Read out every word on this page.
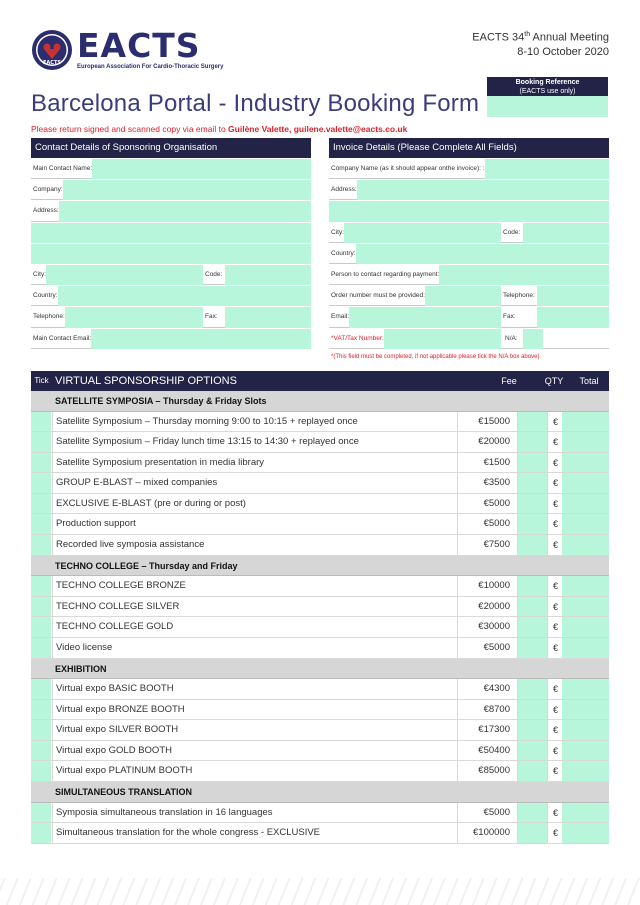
EACTS EACTS
European Association For Cardio-Thoracic Surgery
EACTS 34th Annual Meeting
8-10 October 2020
Booking Reference
(EACTS use only)
Barcelona Portal - Industry Booking Form
Please return signed and scanned copy via email to Guilène Valette, guilene.valette@eacts.co.uk
Contact Details of Sponsoring Organisation
Main Contact Name:
Company:
Address:
City:	Code:
Country:
Telephone:	Fax:
Main Contact Email:
Invoice Details (Please Complete All Fields)
Company Name (as it should appear onthe invoice): :
Address:
City:	Code:
Country:
Person to contact regarding payment:
Order number must be provided:	Telephone:
Email:	Fax:
*VAT/Tax Number:	N/A:
*(This field must be completed, if not applicable please tick the N/A box above)
Tick VIRTUAL SPONSORSHIP OPTIONS	Fee	QTY	Total
SATELLITE SYMPOSIA – Thursday & Friday Slots
Satellite Symposium – Thursday morning 9:00 to 10:15 + replayed once	€15000	€
Satellite Symposium – Friday lunch time 13:15 to 14:30 + replayed once	€20000	€
Satellite Symposium presentation in media library	€1500	€
GROUP E-BLAST – mixed companies	€3500	€
EXCLUSIVE E-BLAST (pre or during or post)	€5000	€
Production support	€5000	€
Recorded live symposia assistance	€7500	€
TECHNO COLLEGE – Thursday and Friday
TECHNO COLLEGE BRONZE	€10000	€
TECHNO COLLEGE SILVER	€20000	€
TECHNO COLLEGE GOLD	€30000	€
Video license	€5000	€
EXHIBITION
Virtual expo BASIC BOOTH	€4300	€
Virtual expo BRONZE BOOTH	€8700	€
Virtual expo SILVER BOOTH	€17300	€
Virtual expo GOLD BOOTH	€50400	€
Virtual expo PLATINUM BOOTH	€85000	€
SIMULTANEOUS TRANSLATION
Symposia simultaneous translation in 16 languages	€5000	€
Simultaneous translation for the whole congress - EXCLUSIVE	€100000	€
